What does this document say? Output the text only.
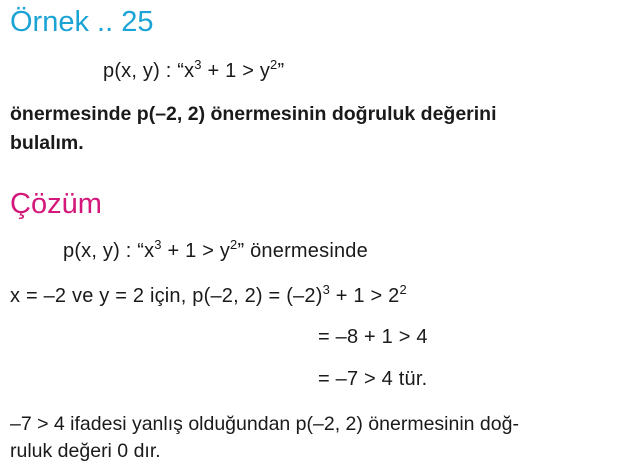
Örnek .. 25
p(x, y) : “$x^3 + 1 > y^2$”
önermesinde p(–2, 2) önermesinin doğruluk değerini
bulalım.
Çözüm
p(x, y) : “$x^3 + 1 > y^2$” önermesinde
x = –2 ve y = 2 için, p(–2, $2) = (-2)^3 + 1 > 2^2$
= –8 + 1 > 4
= –7 > 4 tür.
–7 > 4 ifadesi yanlış olduğundan p(–2, 2) önermesinin doğ-
ruluk değeri 0 dır.
